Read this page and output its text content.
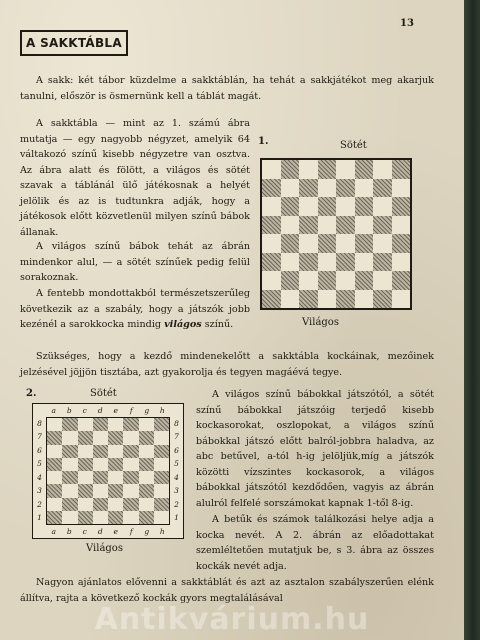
13
A SAKKTÁBLA

A sakk: két tábor küzdelme a sakktáblán, ha tehát a sakkjátékot meg akarjuk tanulni, először is ösmernünk kell a táblát magát.

A sakktábla — mint az 1. számú ábra mutatja — egy nagyobb négyzet, amelyik 64 váltakozó színű kisebb négyzetre van osztva. Az ábra alatt és fölött, a világos és sötét szavak a táblánál ülő játékosnak a helyét jelölik és az is tudtunkra adják, hogy a játékosok előtt közvetlenül milyen színű bábok állanak.

A világos színű bábok tehát az ábrán mindenkor alul, — a sötét színűek pedig felül sorakoznak.

A fentebb mondottakból természetszerűleg következik az a szabály, hogy a játszók jobb kezénél a sarokkocka mindig világos színű.

1.	Sötét
Világos

Szükséges, hogy a kezdő mindenekelőtt a sakktábla kockáinak, mezőinek jelzésével jöjjön tisztába, azt gyakorolja és tegyen magáévá tegye.

2.	Sötét
a
a
b
b
c
c
d
d
e
e
f
f
g
g
h
h
8	8
7	7
6	6
5	5
4	4
3	3
2	2
1	1
Világos

A világos színű bábokkal játszótól, a sötét színű bábokkal játszóig terjedő kisebb kockasorokat, oszlopokat, a világos színű bábokkal játszó előtt balról-jobbra haladva, az abc betűvel, a-tól h-ig jelöljük,míg a játszók közötti vízszintes kockasorok, a világos bábokkal játszótól kezdődően, vagyis az ábrán alulról felfelé sorszámokat kapnak 1-től 8-ig.

A betűk és számok találkozási helye adja a kocka nevét. A 2. ábrán az előadottakat szemléltetően mutatjuk be, s 3. ábra az összes kockák nevét adja.

Nagyon ajánlatos elővenni a sakktáblát és azt az asztalon szabályszerűen elénk állítva, rajta a következő kockák gyors megtalálásával

Antikvárium.hu
